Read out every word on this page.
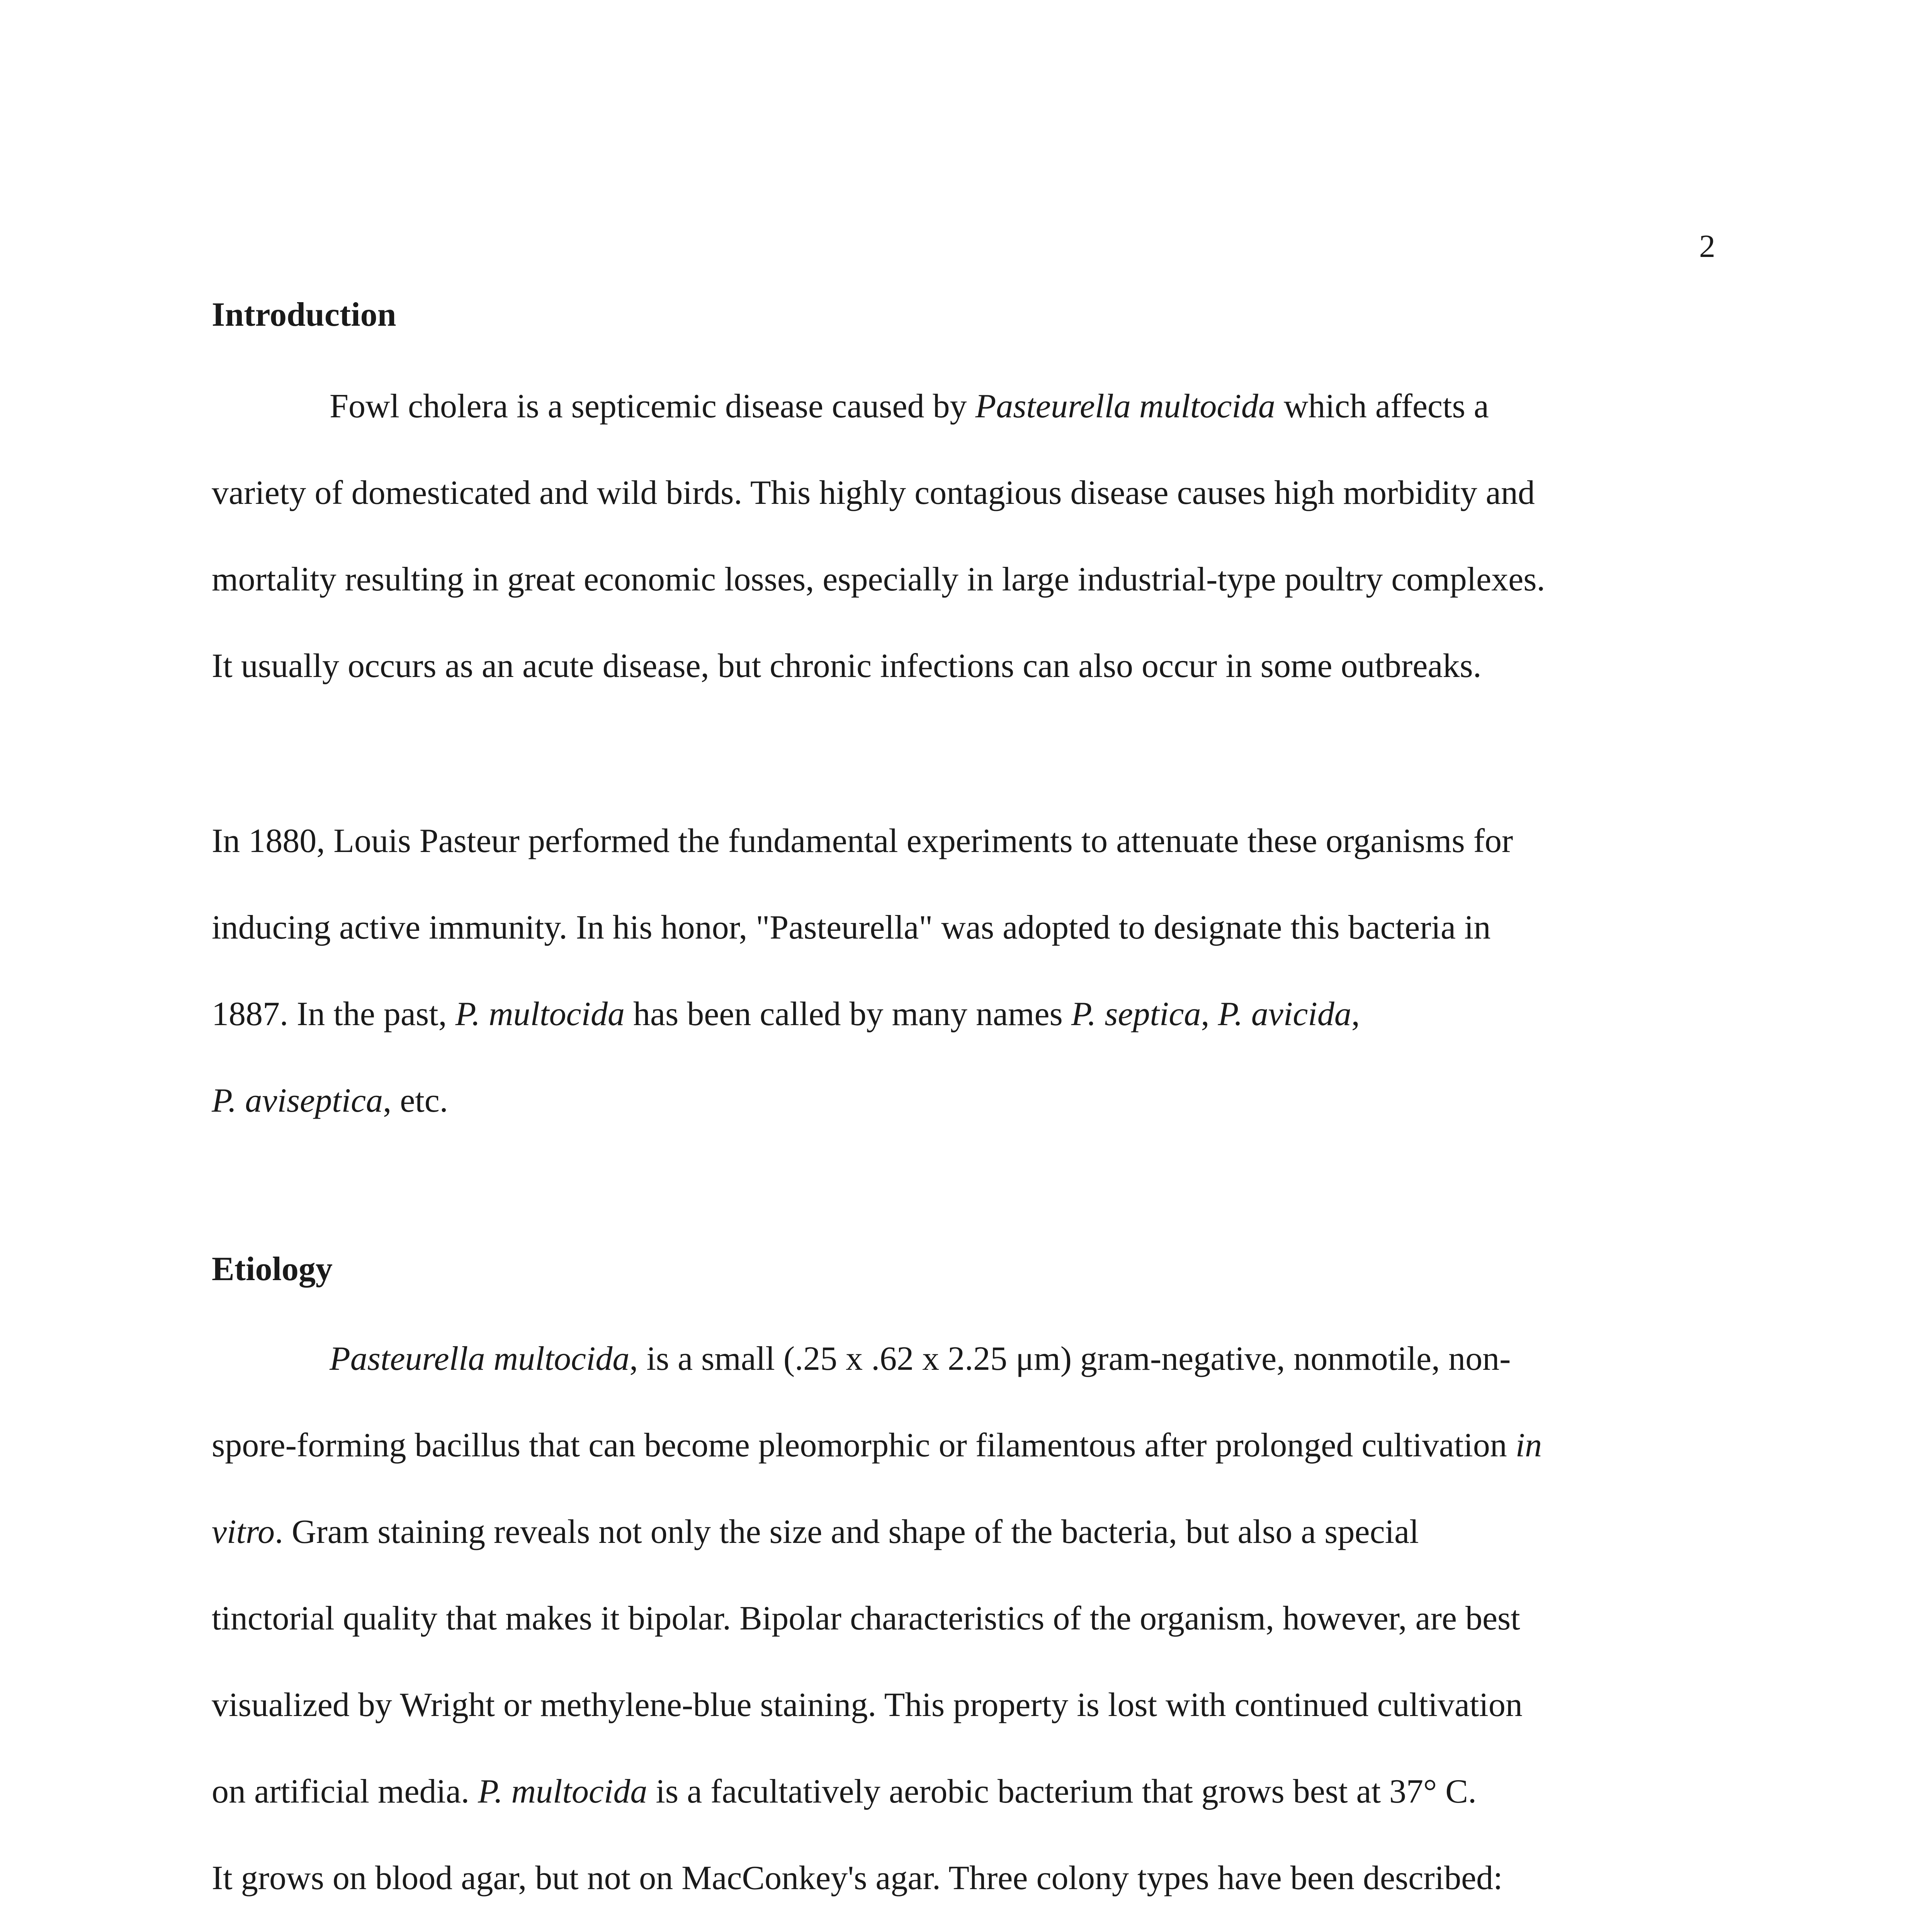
2
Introduction
Fowl cholera is a septicemic disease caused by Pasteurella multocida which affects a
variety of domesticated and wild birds. This highly contagious disease causes high morbidity and
mortality resulting in great economic losses, especially in large industrial-type poultry complexes.
It usually occurs as an acute disease, but chronic infections can also occur in some outbreaks.
In 1880, Louis Pasteur performed the fundamental experiments to attenuate these organisms for
inducing active immunity. In his honor, "Pasteurella" was adopted to designate this bacteria in
1887. In the past, P. multocida has been called by many names P. septica, P. avicida,
P. aviseptica, etc.
Etiology
Pasteurella multocida, is a small (.25 x .62 x 2.25 μm) gram-negative, nonmotile, non-
spore-forming bacillus that can become pleomorphic or filamentous after prolonged cultivation in
vitro. Gram staining reveals not only the size and shape of the bacteria, but also a special
tinctorial quality that makes it bipolar. Bipolar characteristics of the organism, however, are best
visualized by Wright or methylene-blue staining. This property is lost with continued cultivation
on artificial media. P. multocida is a facultatively aerobic bacterium that grows best at 37° C.
It grows on blood agar, but not on MacConkey's agar. Three colony types have been described:
